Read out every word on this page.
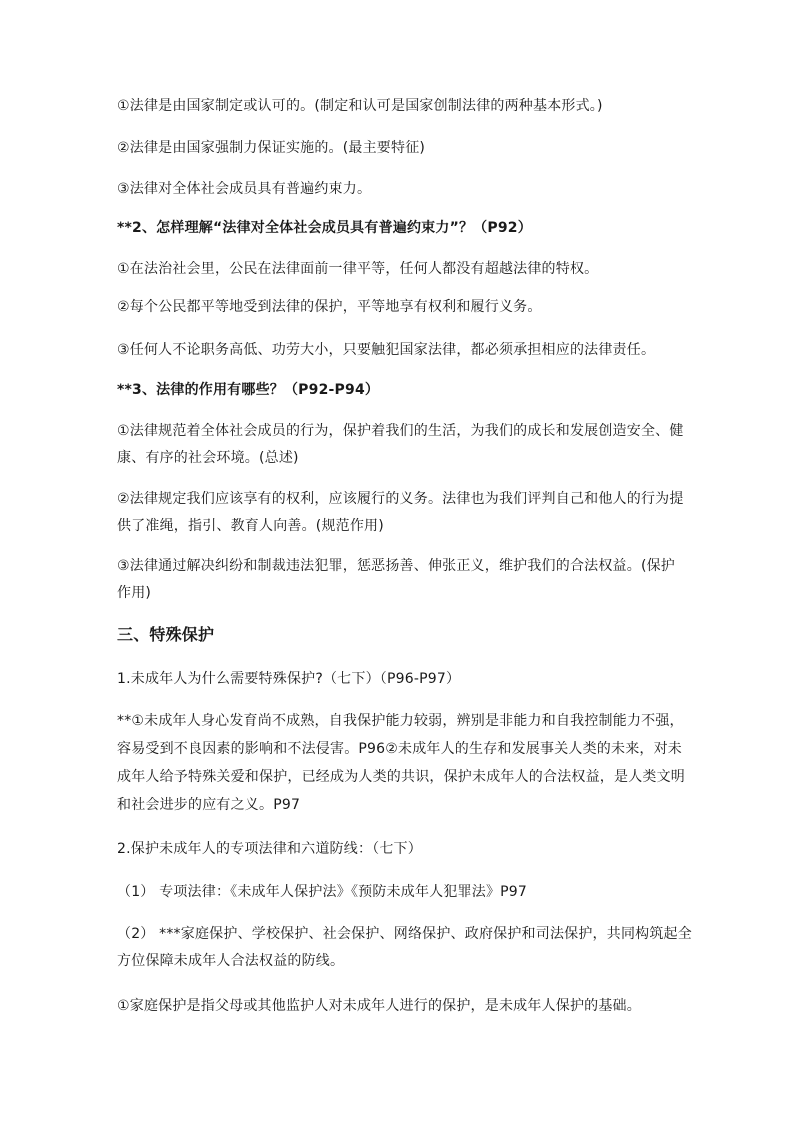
①法律是由国家制定或认可的。(制定和认可是国家创制法律的两种基本形式。)

②法律是由国家强制力保证实施的。(最主要特征)

③法律对全体社会成员具有普遍约束力。

**2、怎样理解“法律对全体社会成员具有普遍约束力”？（P92）

①在法治社会里，公民在法律面前一律平等，任何人都没有超越法律的特权。

②每个公民都平等地受到法律的保护，平等地享有权利和履行义务。

③任何人不论职务高低、功劳大小，只要触犯国家法律，都必须承担相应的法律责任。

**3、法律的作用有哪些？（P92-P94）

①法律规范着全体社会成员的行为，保护着我们的生活，为我们的成长和发展创造安全、健

康、有序的社会环境。(总述)

②法律规定我们应该享有的权利，应该履行的义务。法律也为我们评判自己和他人的行为提

供了准绳，指引、教育人向善。(规范作用)

③法律通过解决纠纷和制裁违法犯罪，惩恶扬善、伸张正义，维护我们的合法权益。(保护

作用)

三、特殊保护

1.未成年人为什么需要特殊保护?（七下）（P96-P97）

**①未成年人身心发育尚不成熟，自我保护能力较弱，辨别是非能力和自我控制能力不强，

容易受到不良因素的影响和不法侵害。P96②未成年人的生存和发展事关人类的未来，对未

成年人给予特殊关爱和保护，已经成为人类的共识，保护未成年人的合法权益，是人类文明

和社会进步的应有之义。P97

2.保护未成年人的专项法律和六道防线：（七下）

（1） 专项法律：《未成年人保护法》《预防未成年人犯罪法》P97

（2） ***家庭保护、学校保护、社会保护、网络保护、政府保护和司法保护，共同构筑起全

方位保障未成年人合法权益的防线。

①家庭保护是指父母或其他监护人对未成年人进行的保护，是未成年人保护的基础。
